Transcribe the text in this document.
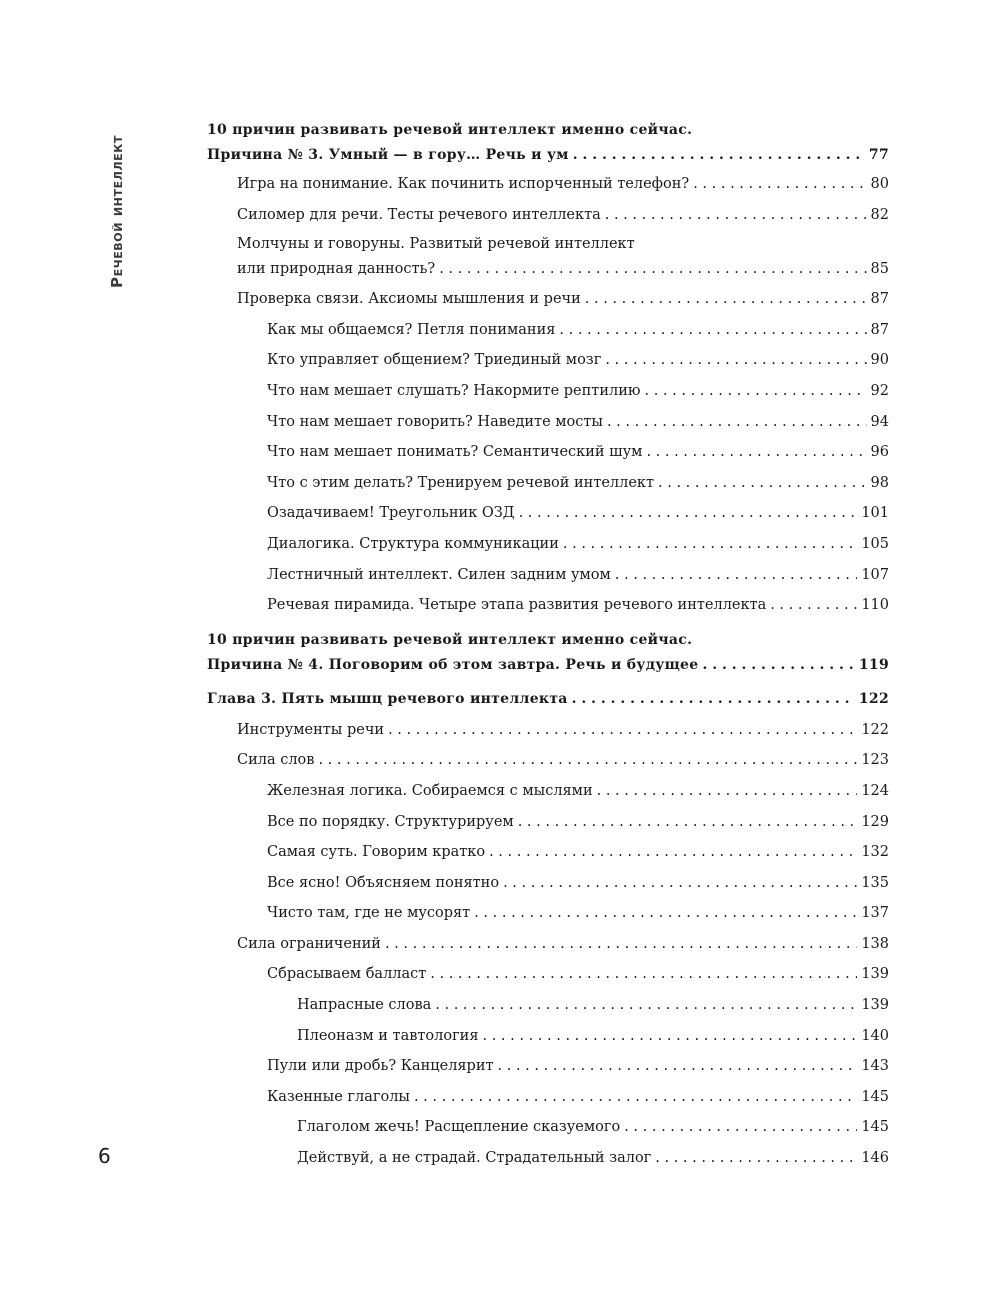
Речевой интеллект
6
10 причин развивать речевой интеллект именно сейчас.
Причина № 3. Умный — в гору… Речь и ум . . .	77
Игра на понимание. Как починить испорченный телефон? . . .	80
Силомер для речи. Тесты речевого интеллекта . . .	82
Молчуны и говоруны. Развитый речевой интеллект
или природная данность? . . .	85
Проверка связи. Аксиомы мышления и речи . . .	87
Как мы общаемся? Петля понимания . . .	87
Кто управляет общением? Триединый мозг . . .	90
Что нам мешает слушать? Накормите рептилию . . .	92
Что нам мешает говорить? Наведите мосты . . .	94
Что нам мешает понимать? Семантический шум . . .	96
Что с этим делать? Тренируем речевой интеллект . . .	98
Озадачиваем! Треугольник ОЗД . . .	101
Диалогика. Структура коммуникации . . .	105
Лестничный интеллект. Силен задним умом . . .	107
Речевая пирамида. Четыре этапа развития речевого интеллекта . . .	110
10 причин развивать речевой интеллект именно сейчас.
Причина № 4. Поговорим об этом завтра. Речь и будущее . . .	119
Глава 3. Пять мышц речевого интеллекта . . .	122
Инструменты речи . . .	122
Сила слов . . .	123
Железная логика. Собираемся с мыслями . . .	124
Все по порядку. Структурируем . . .	129
Самая суть. Говорим кратко . . .	132
Все ясно! Объясняем понятно . . .	135
Чисто там, где не мусорят . . .	137
Сила ограничений . . .	138
Сбрасываем балласт . . .	139
Напрасные слова . . .	139
Плеоназм и тавтология . . .	140
Пули или дробь? Канцелярит . . .	143
Казенные глаголы . . .	145
Глаголом жечь! Расщепление сказуемого . . .	145
Действуй, а не страдай. Страдательный залог . . .	146
